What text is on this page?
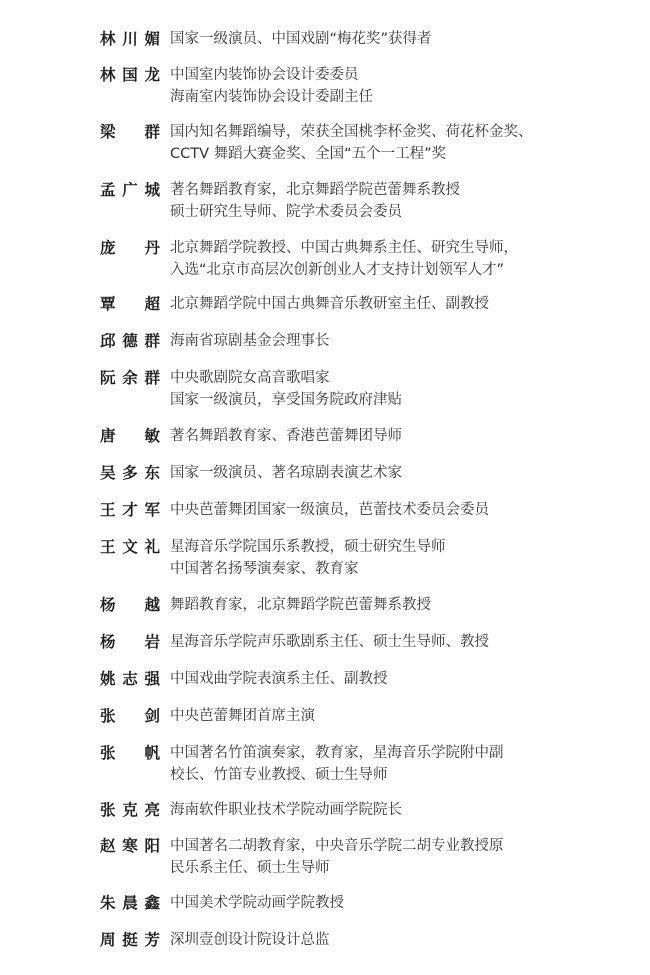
林川媚 国家一级演员、中国戏剧“梅花奖”获得者
林国龙 中国室内装饰协会设计委委员
海南室内装饰协会设计委副主任
梁群 国内知名舞蹈编导，荣获全国桃李杯金奖、荷花杯金奖、
CCTV 舞蹈大赛金奖、全国“五个一工程”奖
孟广城 著名舞蹈教育家，北京舞蹈学院芭蕾舞系教授
硕士研究生导师、院学术委员会委员
庞丹 北京舞蹈学院教授、中国古典舞系主任、研究生导师，
入选“北京市高层次创新创业人才支持计划领军人才”
覃超 北京舞蹈学院中国古典舞音乐教研室主任、副教授
邱德群 海南省琼剧基金会理事长
阮余群 中央歌剧院女高音歌唱家
国家一级演员，享受国务院政府津贴
唐敏 著名舞蹈教育家、香港芭蕾舞团导师
吴多东 国家一级演员、著名琼剧表演艺术家
王才军 中央芭蕾舞团国家一级演员，芭蕾技术委员会委员
王文礼 星海音乐学院国乐系教授，硕士研究生导师
中国著名扬琴演奏家、教育家
杨越 舞蹈教育家，北京舞蹈学院芭蕾舞系教授
杨岩 星海音乐学院声乐歌剧系主任、硕士生导师、教授
姚志强 中国戏曲学院表演系主任、副教授
张剑 中央芭蕾舞团首席主演
张帆 中国著名竹笛演奏家，教育家，星海音乐学院附中副
校长、竹笛专业教授、硕士生导师
张克亮 海南软件职业技术学院动画学院院长
赵寒阳 中国著名二胡教育家，中央音乐学院二胡专业教授原
民乐系主任、硕士生导师
朱晨鑫 中国美术学院动画学院教授
周挺芳 深圳壹创设计院设计总监
